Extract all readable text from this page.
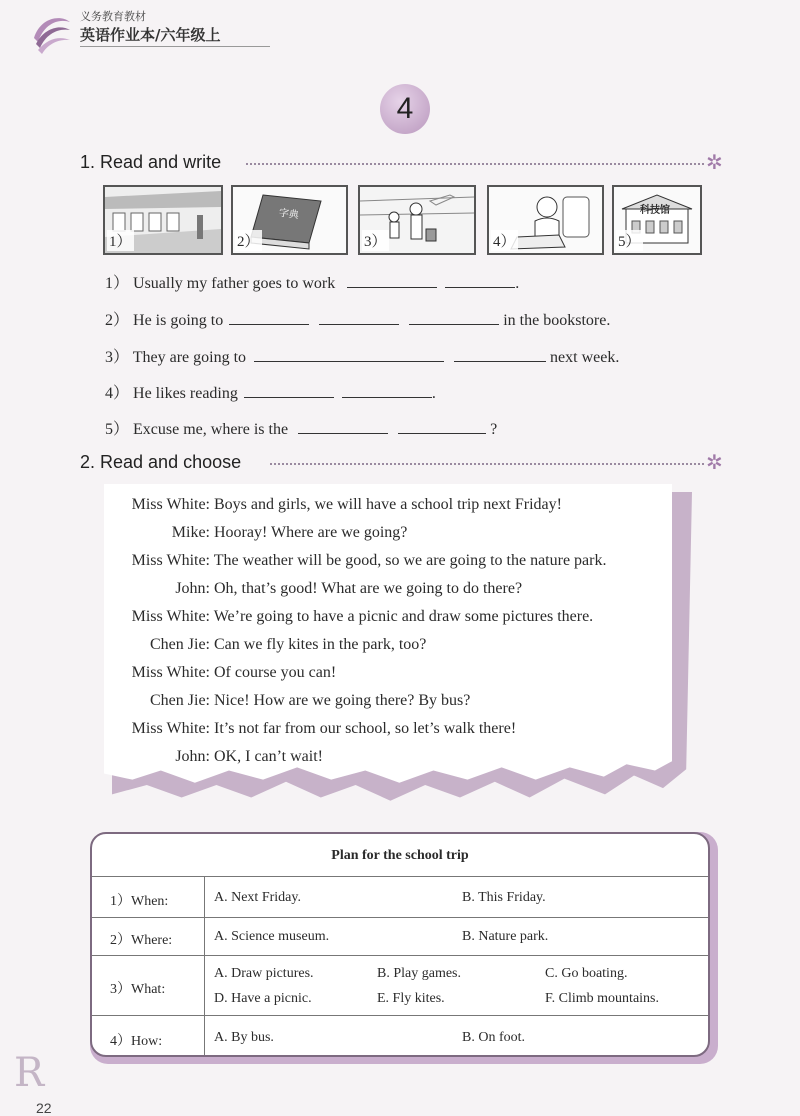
义务教育教材
英语作业本/六年级上
4
1. Read and write	✲
1）
字典
2）	3）	4）
科技馆
5）
1） Usually my father goes to work	.
2） He is going to	in the bookstore.
3） They are going to	next week.
4） He likes reading	.
5） Excuse me, where is the	?
2. Read and choose	✲
Miss White: Boys and girls, we will have a school trip next Friday!
Mike: Hooray! Where are we going?
Miss White: The weather will be good, so we are going to the nature park.
John: Oh, that’s good! What are we going to do there?
Miss White: We’re going to have a picnic and draw some pictures there.
Chen Jie: Can we fly kites in the park, too?
Miss White: Of course you can!
Chen Jie: Nice! How are we going there? By bus?
Miss White: It’s not far from our school, so let’s walk there!
John: OK, I can’t wait!
Plan for the school trip
1）When:	A. Next Friday.	B. This Friday.
2）Where:	A. Science museum.	B. Nature park.
3）What:
A. Draw pictures.	B. Play games.	C. Go boating.
D. Have a picnic.	E. Fly kites.	F. Climb mountains.
4）How:	A. By bus.	B. On foot.
R
22
